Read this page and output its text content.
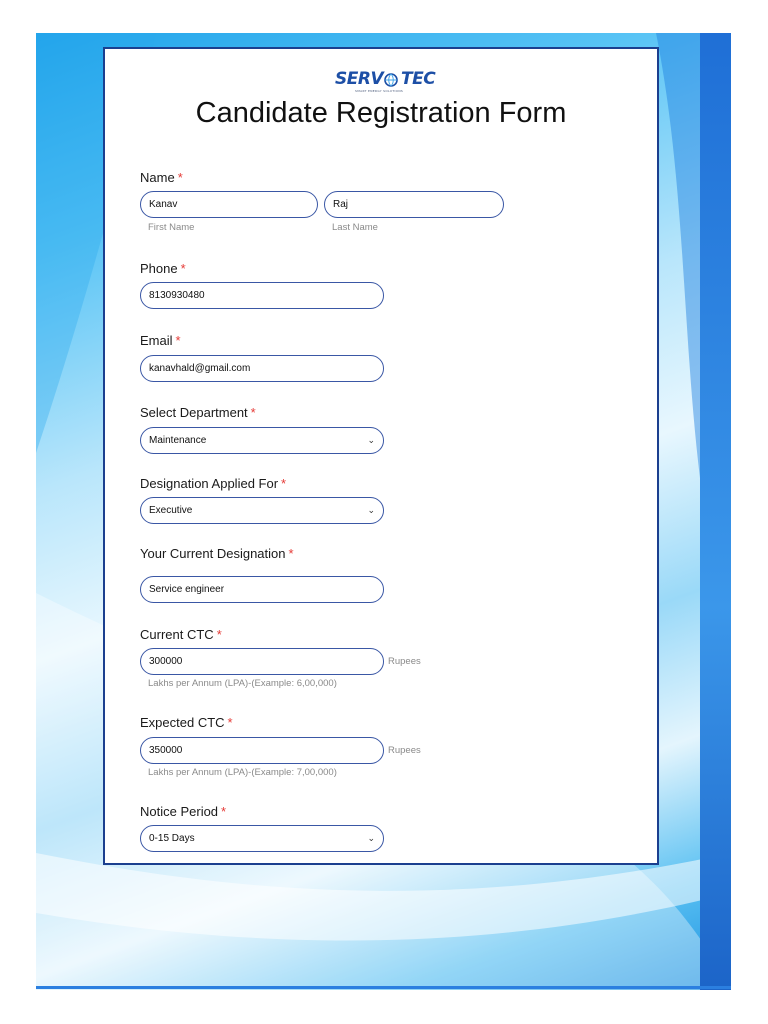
SERV TEC
SMART ENERGY SOLUTIONS
Candidate Registration Form
Name *
Kanav	Raj
First Name	Last Name
Phone *
8130930480
Email *
kanavhald@gmail.com
Select Department *
Maintenance	⌄
Designation Applied For *
Executive	⌄
Your Current Designation *
Service engineer
Current CTC *
300000	Rupees
Lakhs per Annum (LPA)-(Example: 6,00,000)
Expected CTC *
350000	Rupees
Lakhs per Annum (LPA)-(Example: 7,00,000)
Notice Period *
0-15 Days	⌄
